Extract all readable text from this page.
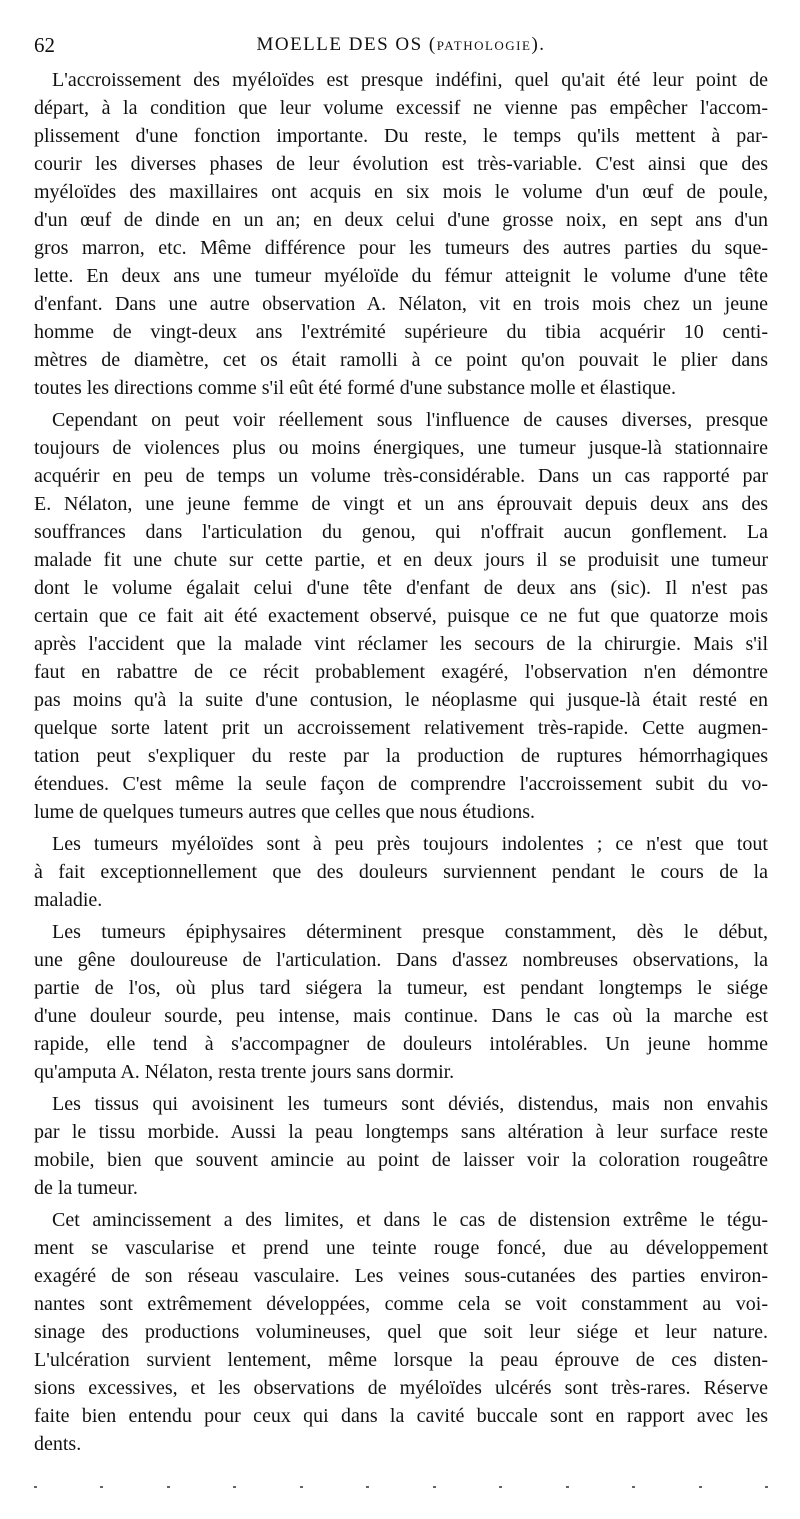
62	MOELLE DES OS (PATHOLOGIE).
L'accroissement des myéloïdes est presque indéfini, quel qu'ait été leur point de
départ, à la condition que leur volume excessif ne vienne pas empêcher l'accom-
plissement d'une fonction importante. Du reste, le temps qu'ils mettent à par-
courir les diverses phases de leur évolution est très-variable. C'est ainsi que des
myéloïdes des maxillaires ont acquis en six mois le volume d'un œuf de poule,
d'un œuf de dinde en un an; en deux celui d'une grosse noix, en sept ans d'un
gros marron, etc. Même différence pour les tumeurs des autres parties du sque-
lette. En deux ans une tumeur myéloïde du fémur atteignit le volume d'une tête
d'enfant. Dans une autre observation A. Nélaton, vit en trois mois chez un jeune
homme de vingt-deux ans l'extrémité supérieure du tibia acquérir 10 centi-
mètres de diamètre, cet os était ramolli à ce point qu'on pouvait le plier dans
toutes les directions comme s'il eût été formé d'une substance molle et élastique.
Cependant on peut voir réellement sous l'influence de causes diverses, presque
toujours de violences plus ou moins énergiques, une tumeur jusque-là stationnaire
acquérir en peu de temps un volume très-considérable. Dans un cas rapporté par
E. Nélaton, une jeune femme de vingt et un ans éprouvait depuis deux ans des
souffrances dans l'articulation du genou, qui n'offrait aucun gonflement. La
malade fit une chute sur cette partie, et en deux jours il se produisit une tumeur
dont le volume égalait celui d'une tête d'enfant de deux ans (sic). Il n'est pas
certain que ce fait ait été exactement observé, puisque ce ne fut que quatorze mois
après l'accident que la malade vint réclamer les secours de la chirurgie. Mais s'il
faut en rabattre de ce récit probablement exagéré, l'observation n'en démontre
pas moins qu'à la suite d'une contusion, le néoplasme qui jusque-là était resté en
quelque sorte latent prit un accroissement relativement très-rapide. Cette augmen-
tation peut s'expliquer du reste par la production de ruptures hémorrhagiques
étendues. C'est même la seule façon de comprendre l'accroissement subit du vo-
lume de quelques tumeurs autres que celles que nous étudions.
Les tumeurs myéloïdes sont à peu près toujours indolentes ; ce n'est que tout
à fait exceptionnellement que des douleurs surviennent pendant le cours de la
maladie.
Les tumeurs épiphysaires déterminent presque constamment, dès le début,
une gêne douloureuse de l'articulation. Dans d'assez nombreuses observations, la
partie de l'os, où plus tard siégera la tumeur, est pendant longtemps le siége
d'une douleur sourde, peu intense, mais continue. Dans le cas où la marche est
rapide, elle tend à s'accompagner de douleurs intolérables. Un jeune homme
qu'amputa A. Nélaton, resta trente jours sans dormir.
Les tissus qui avoisinent les tumeurs sont déviés, distendus, mais non envahis
par le tissu morbide. Aussi la peau longtemps sans altération à leur surface reste
mobile, bien que souvent amincie au point de laisser voir la coloration rougeâtre
de la tumeur.
Cet amincissement a des limites, et dans le cas de distension extrême le tégu-
ment se vascularise et prend une teinte rouge foncé, due au développement
exagéré de son réseau vasculaire. Les veines sous-cutanées des parties environ-
nantes sont extrêmement développées, comme cela se voit constamment au voi-
sinage des productions volumineuses, quel que soit leur siége et leur nature.
L'ulcération survient lentement, même lorsque la peau éprouve de ces disten-
sions excessives, et les observations de myéloïdes ulcérés sont très-rares. Réserve
faite bien entendu pour ceux qui dans la cavité buccale sont en rapport avec les
dents.
